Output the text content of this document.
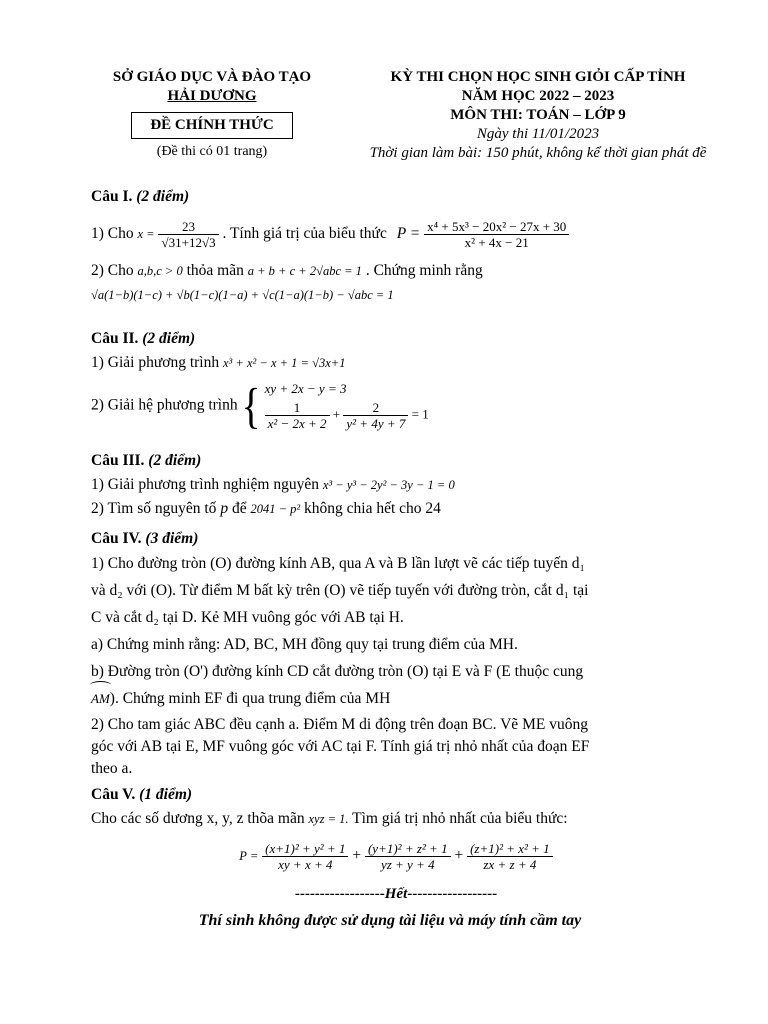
SỞ GIÁO DỤC VÀ ĐÀO TẠO
HẢI DƯƠNG
ĐỀ CHÍNH THỨC
(Đề thi có 01 trang)
KỲ THI CHỌN HỌC SINH GIỎI CẤP TỈNH
NĂM HỌC 2022 – 2023
MÔN THI: TOÁN – LỚP 9
Ngày thi 11/01/2023
Thời gian làm bài: 150 phút, không kể thời gian phát đề
Câu I. (2 điểm)
1) Cho $x = \frac{23}{√31+12√3}$ . Tính giá trị của biểu thức $P = \frac{\text{x⁴ + 5x³ − 20x² − 27x + 30}}{\text{x² + 4x − 21}}$
2) Cho a,b,c > 0 thỏa mãn a + b + c + 2√abc = 1 . Chứng minh rằng
√a(1−b)(1−c) + √b(1−c)(1−a) + √c(1−a)(1−b) − √abc = 1
Câu II. (2 điểm)
1) Giải phương trình x³ + x² − x + 1 = √3x+1
2) Giải hệ phương trình { xy + 2x − y = 3
$\frac{1}{\text{x² − 2x + 2}} + \frac{2}{\text{y² + 4y + 7}} = 1$
Câu III. (2 điểm)
1) Giải phương trình nghiệm nguyên x³ − y³ − 2y² − 3y − 1 = 0
2) Tìm số nguyên tố p để 2041 − p² không chia hết cho 24
Câu IV. (3 điểm)
1) Cho đường tròn (O) đường kính AB, qua A và B lần lượt vẽ các tiếp tuyến d₁
và d₂ với (O). Từ điểm M bất kỳ trên (O) vẽ tiếp tuyến với đường tròn, cắt d₁ tại
C và cắt d₂ tại D. Kẻ MH vuông góc với AB tại H.
a) Chứng minh rằng: AD, BC, MH đồng quy tại trung điểm của MH.
b) Đường tròn (O') đường kính CD cắt đường tròn (O) tại E và F (E thuộc cung
AM). Chứng minh EF đi qua trung điểm của MH
2) Cho tam giác ABC đều cạnh a. Điểm M di động trên đoạn BC. Vẽ ME vuông
góc với AB tại E, MF vuông góc với AC tại F. Tính giá trị nhỏ nhất của đoạn EF
theo a.
Câu V. (1 điểm)
Cho các số dương x, y, z thõa mãn xyz = 1. Tìm giá trị nhỏ nhất của biểu thức:
$P = \frac{\text{(x+1)² + y² + 1}}{xy + x + 4} + \frac{\text{(y+1)² + z² + 1}}{yz + y + 4} + \frac{\text{(z+1)² + x² + 1}}{zx + z + 4}$
------------------Hết------------------
Thí sinh không được sử dụng tài liệu và máy tính cầm tay
